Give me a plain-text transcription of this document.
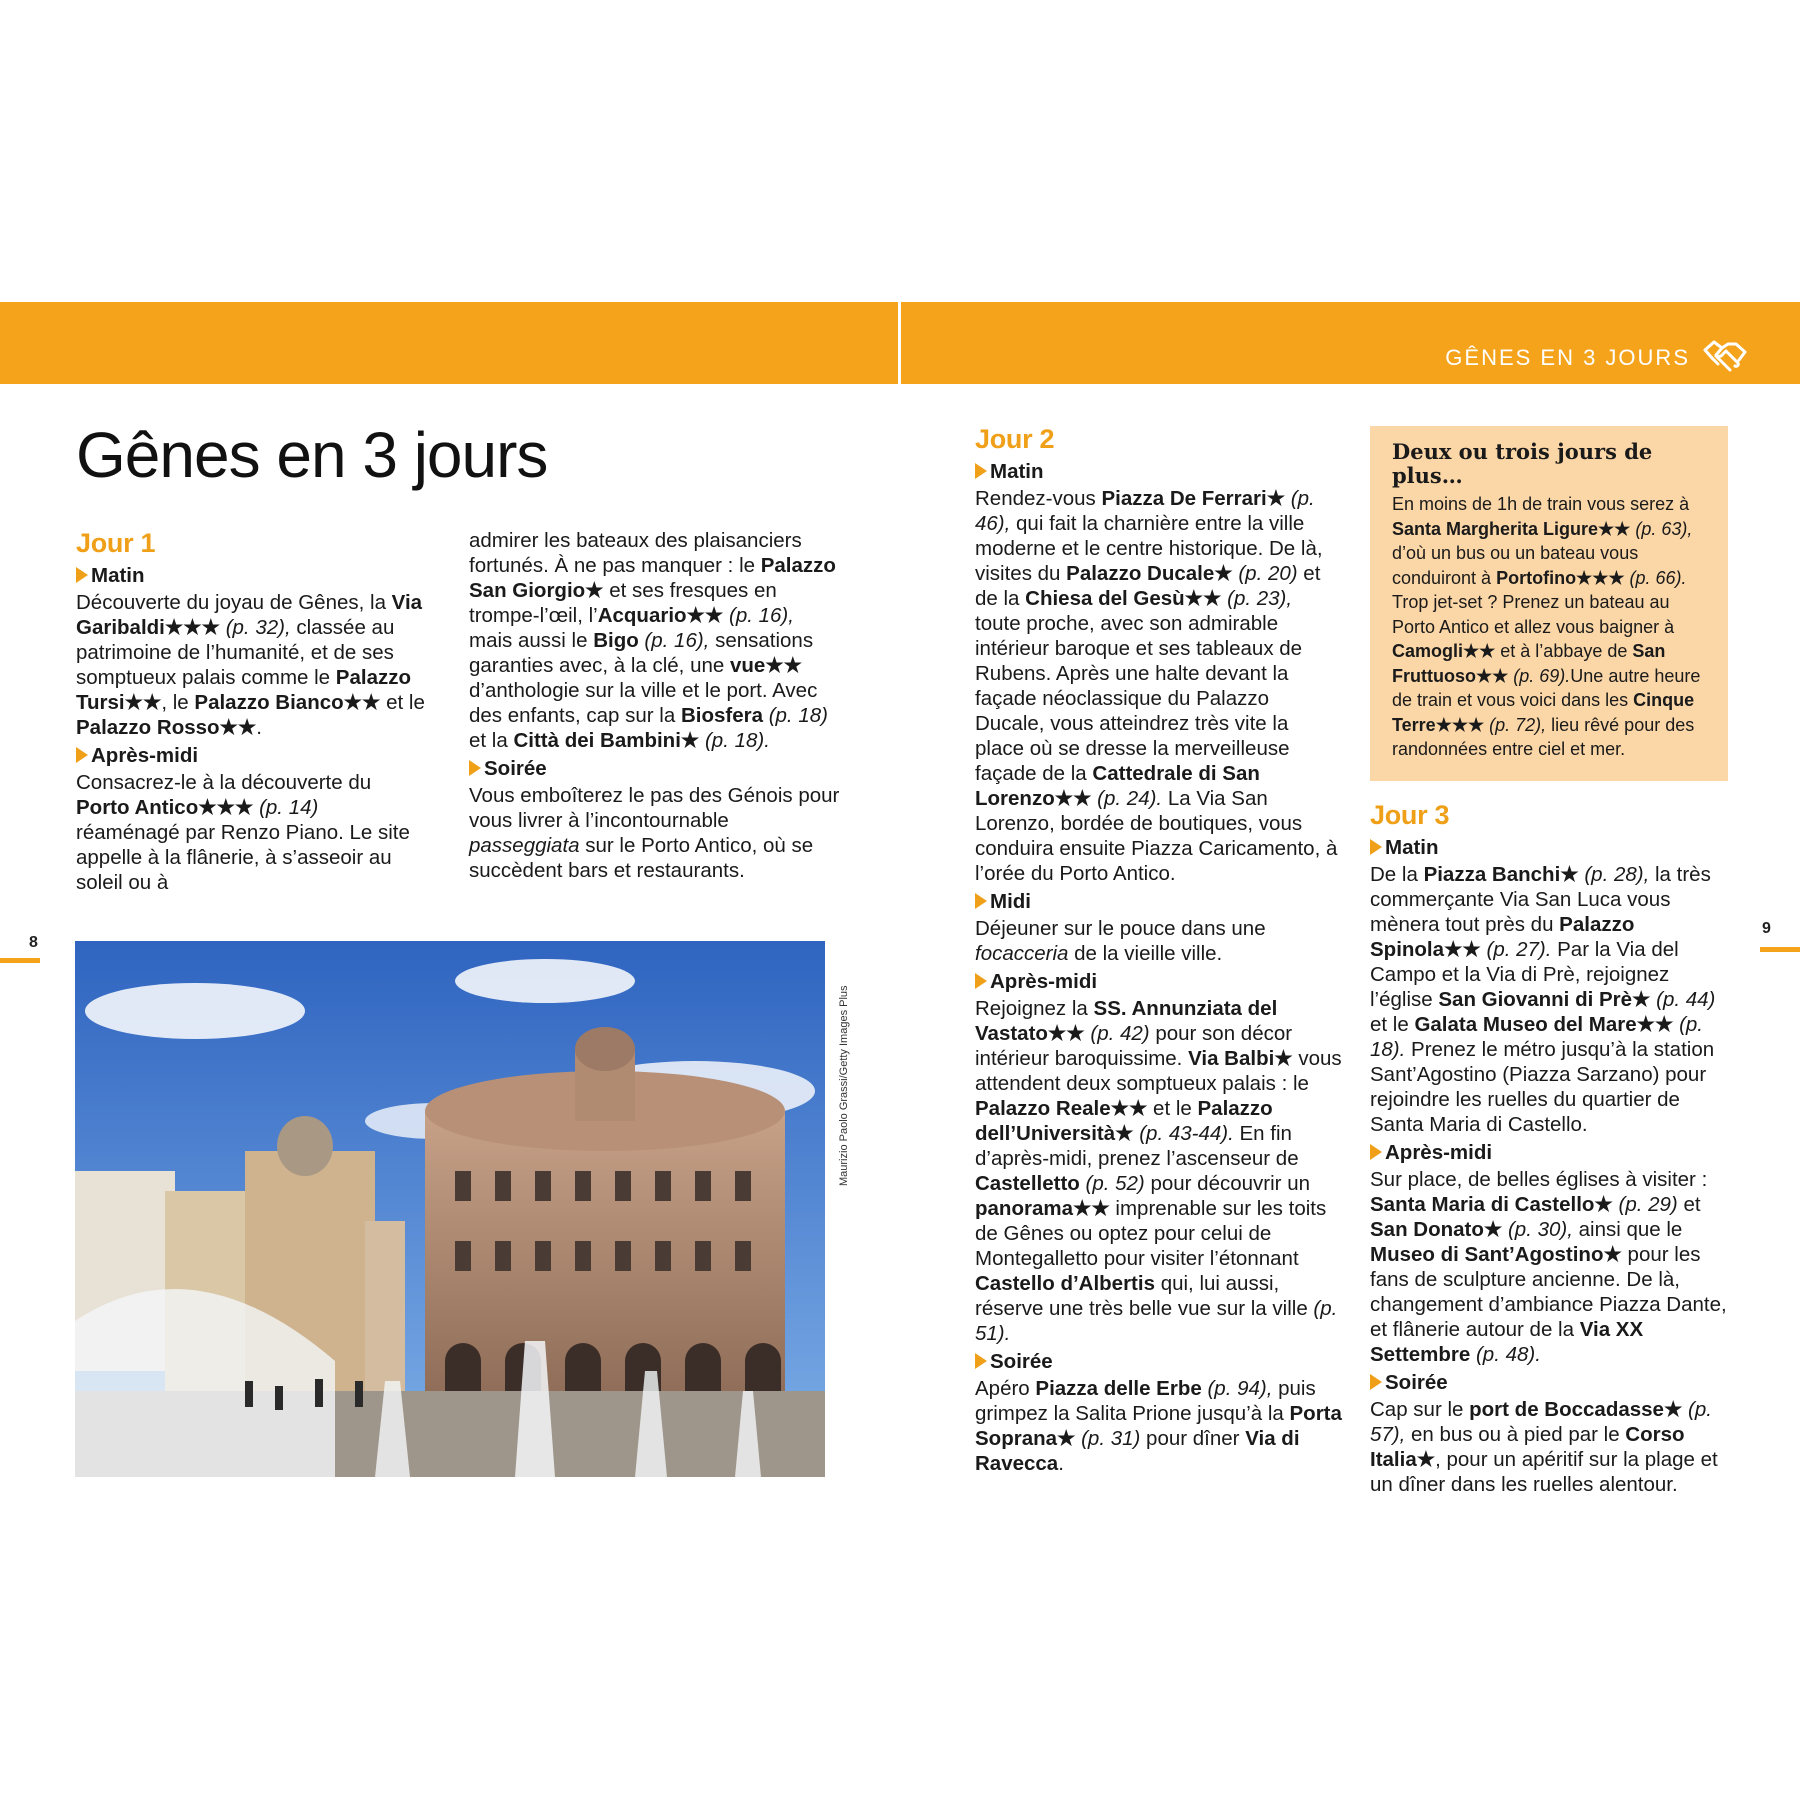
GÊNES EN 3 JOURS
Gênes en 3 jours
8
9
Jour 1
Matin

Découverte du joyau de Gênes, la Via Garibaldi★★★ (p. 32), classée au patrimoine de l’humanité, et de ses somptueux palais comme le Palazzo Tursi★★, le Palazzo Bianco★★ et le Palazzo Rosso★★.

Après-midi

Consacrez-le à la découverte du Porto Antico★★★ (p. 14) réaménagé par Renzo Piano. Le site appelle à la flânerie, à s’asseoir au soleil ou à

admirer les bateaux des plaisanciers fortunés. À ne pas manquer : le Palazzo San Giorgio★ et ses fresques en trompe-l’œil, l’Acquario★★ (p. 16), mais aussi le Bigo (p. 16), sensations garanties avec, à la clé, une vue★★ d’anthologie sur la ville et le port. Avec des enfants, cap sur la Biosfera (p. 18) et la Città dei Bambini★ (p. 18).

Soirée

Vous emboîterez le pas des Génois pour vous livrer à l’incontournable passeggiata sur le Porto Antico, où se succèdent bars et restaurants.

Maurizio Paolo Grassi/Getty Images Plus
Jour 2
Matin

Rendez-vous Piazza De Ferrari★ (p. 46), qui fait la charnière entre la ville moderne et le centre historique. De là, visites du Palazzo Ducale★ (p. 20) et de la Chiesa del Gesù★★ (p. 23), toute proche, avec son admirable intérieur baroque et ses tableaux de Rubens. Après une halte devant la façade néoclassique du Palazzo Ducale, vous atteindrez très vite la place où se dresse la merveilleuse façade de la Cattedrale di San Lorenzo★★ (p. 24). La Via San Lorenzo, bordée de boutiques, vous conduira ensuite Piazza Caricamento, à l’orée du Porto Antico.

Midi

Déjeuner sur le pouce dans une focacceria de la vieille ville.

Après-midi

Rejoignez la SS. Annunziata del Vastato★★ (p. 42) pour son décor intérieur baroquissime. Via Balbi★ vous attendent deux somptueux palais : le Palazzo Reale★★ et le Palazzo dell’Università★ (p. 43-44). En fin d’après-midi, prenez l’ascenseur de Castelletto (p. 52) pour découvrir un panorama★★ imprenable sur les toits de Gênes ou optez pour celui de Montegalletto pour visiter l’étonnant Castello d’Albertis qui, lui aussi, réserve une très belle vue sur la ville (p. 51).

Soirée

Apéro Piazza delle Erbe (p. 94), puis grimpez la Salita Prione jusqu’à la Porta Soprana★ (p. 31) pour dîner Via di Ravecca.

Deux ou trois jours de plus…

En moins de 1h de train vous serez à Santa Margherita Ligure★★ (p. 63), d’où un bus ou un bateau vous conduiront à Portofino★★★ (p. 66). Trop jet-set ? Prenez un bateau au Porto Antico et allez vous baigner à Camogli★★ et à l’abbaye de San Fruttuoso★★ (p. 69).Une autre heure de train et vous voici dans les Cinque Terre★★★ (p. 72), lieu rêvé pour des randonnées entre ciel et mer.

Jour 3
Matin

De la Piazza Banchi★ (p. 28), la très commerçante Via San Luca vous mènera tout près du Palazzo Spinola★★ (p. 27). Par la Via del Campo et la Via di Prè, rejoignez l’église San Giovanni di Prè★ (p. 44) et le Galata Museo del Mare★★ (p. 18). Prenez le métro jusqu’à la station Sant’Agostino (Piazza Sarzano) pour rejoindre les ruelles du quartier de Santa Maria di Castello.

Après-midi

Sur place, de belles églises à visiter : Santa Maria di Castello★ (p. 29) et San Donato★ (p. 30), ainsi que le Museo di Sant’Agostino★ pour les fans de sculpture ancienne. De là, changement d’ambiance Piazza Dante, et flânerie autour de la Via XX Settembre (p. 48).

Soirée

Cap sur le port de Boccadasse★ (p. 57), en bus ou à pied par le Corso Italia★, pour un apéritif sur la plage et un dîner dans les ruelles alentour.
